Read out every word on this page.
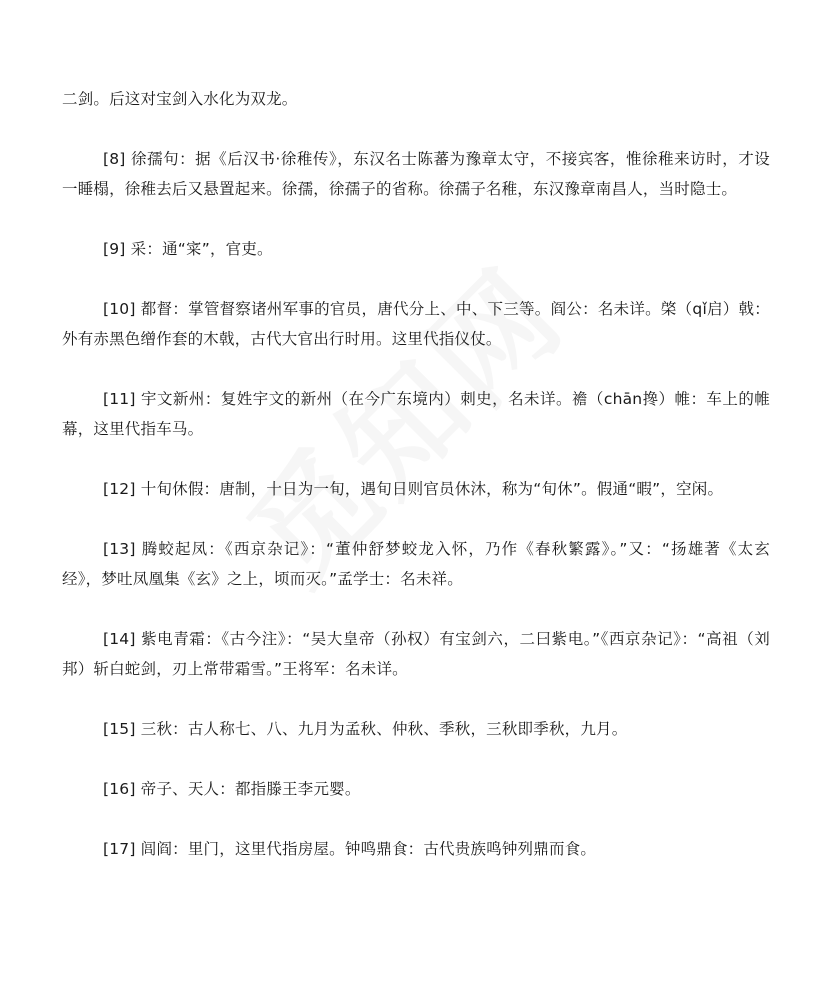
二剑。后这对宝剑入水化为双龙。

[8] 徐孺句：据《后汉书·徐稚传》，东汉名士陈蕃为豫章太守，不接宾客，惟徐稚来访时，才设一睡榻，徐稚去后又悬置起来。徐孺，徐孺子的省称。徐孺子名稚，东汉豫章南昌人，当时隐士。

[9] 采：通“寀”，官吏。

[10] 都督：掌管督察诸州军事的官员，唐代分上、中、下三等。阎公：名未详。棨（qǐ启）戟：外有赤黑色缯作套的木戟，古代大官出行时用。这里代指仪仗。

[11] 宇文新州：复姓宇文的新州（在今广东境内）刺史，名未详。襜（chān搀）帷：车上的帷幕，这里代指车马。

[12] 十旬休假：唐制，十日为一旬，遇旬日则官员休沐，称为“旬休”。假通“暇”，空闲。

[13] 腾蛟起凤：《西京杂记》：“董仲舒梦蛟龙入怀，乃作《春秋繁露》。”又：“扬雄著《太玄经》，梦吐凤凰集《玄》之上，顷而灭。”孟学士：名未祥。

[14] 紫电青霜：《古今注》：“吴大皇帝（孙权）有宝剑六，二曰紫电。”《西京杂记》：“高祖（刘邦）斩白蛇剑，刃上常带霜雪。”王将军：名未详。

[15] 三秋：古人称七、八、九月为孟秋、仲秋、季秋，三秋即季秋，九月。

[16] 帝子、天人：都指滕王李元婴。

[17] 闾阎：里门，这里代指房屋。钟鸣鼎食：古代贵族鸣钟列鼎而食。
